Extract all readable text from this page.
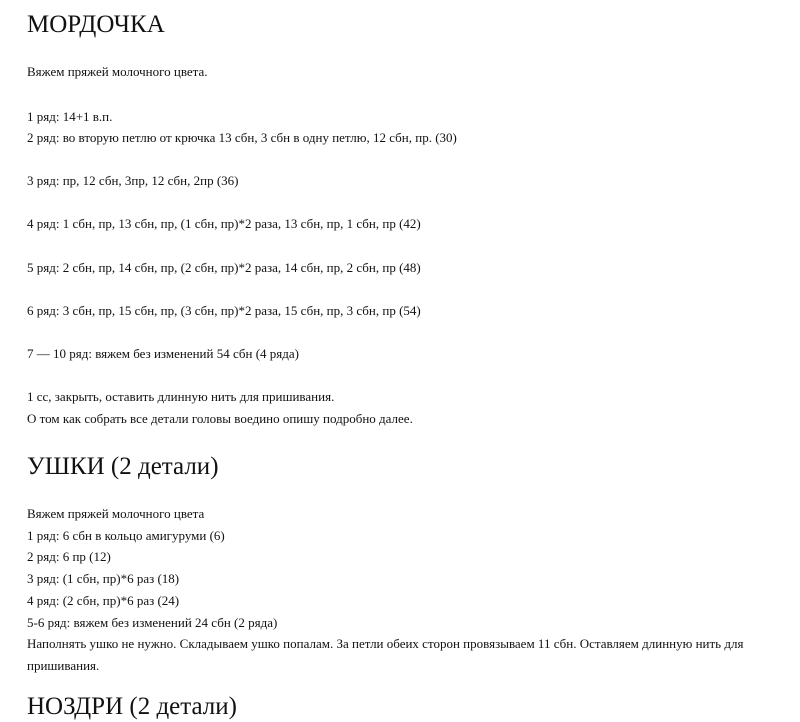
МОРДОЧКА

Вяжем пряжей молочного цвета.

1 ряд: 14+1 в.п.

2 ряд: во вторую петлю от крючка 13 сбн, 3 сбн в одну петлю, 12 сбн, пр. (30)

3 ряд: пр, 12 сбн, 3пр, 12 сбн, 2пр (36)

4 ряд: 1 сбн, пр, 13 сбн, пр, (1 сбн, пр)*2 раза, 13 сбн, пр, 1 сбн, пр (42)

5 ряд: 2 сбн, пр, 14 сбн, пр, (2 сбн, пр)*2 раза, 14 сбн, пр, 2 сбн, пр (48)

6 ряд: 3 сбн, пр, 15 сбн, пр, (3 сбн, пр)*2 раза, 15 сбн, пр, 3 сбн, пр (54)

7 — 10 ряд: вяжем без изменений 54 сбн (4 ряда)

1 сс, закрыть, оставить длинную нить для пришивания.

О том как собрать все детали головы воедино опишу подробно далее.

УШКИ (2 детали)

Вяжем пряжей молочного цвета

1 ряд: 6 сбн в кольцо амигуруми (6)

2 ряд: 6 пр (12)

3 ряд: (1 сбн, пр)*6 раз (18)

4 ряд: (2 сбн, пр)*6 раз (24)

5-6 ряд: вяжем без изменений 24 сбн (2 ряда)

Наполнять ушко не нужно. Складываем ушко попалам. За петли обеих сторон провязываем 11 сбн. Оставляем длинную нить для пришивания.

НОЗДРИ (2 детали)
